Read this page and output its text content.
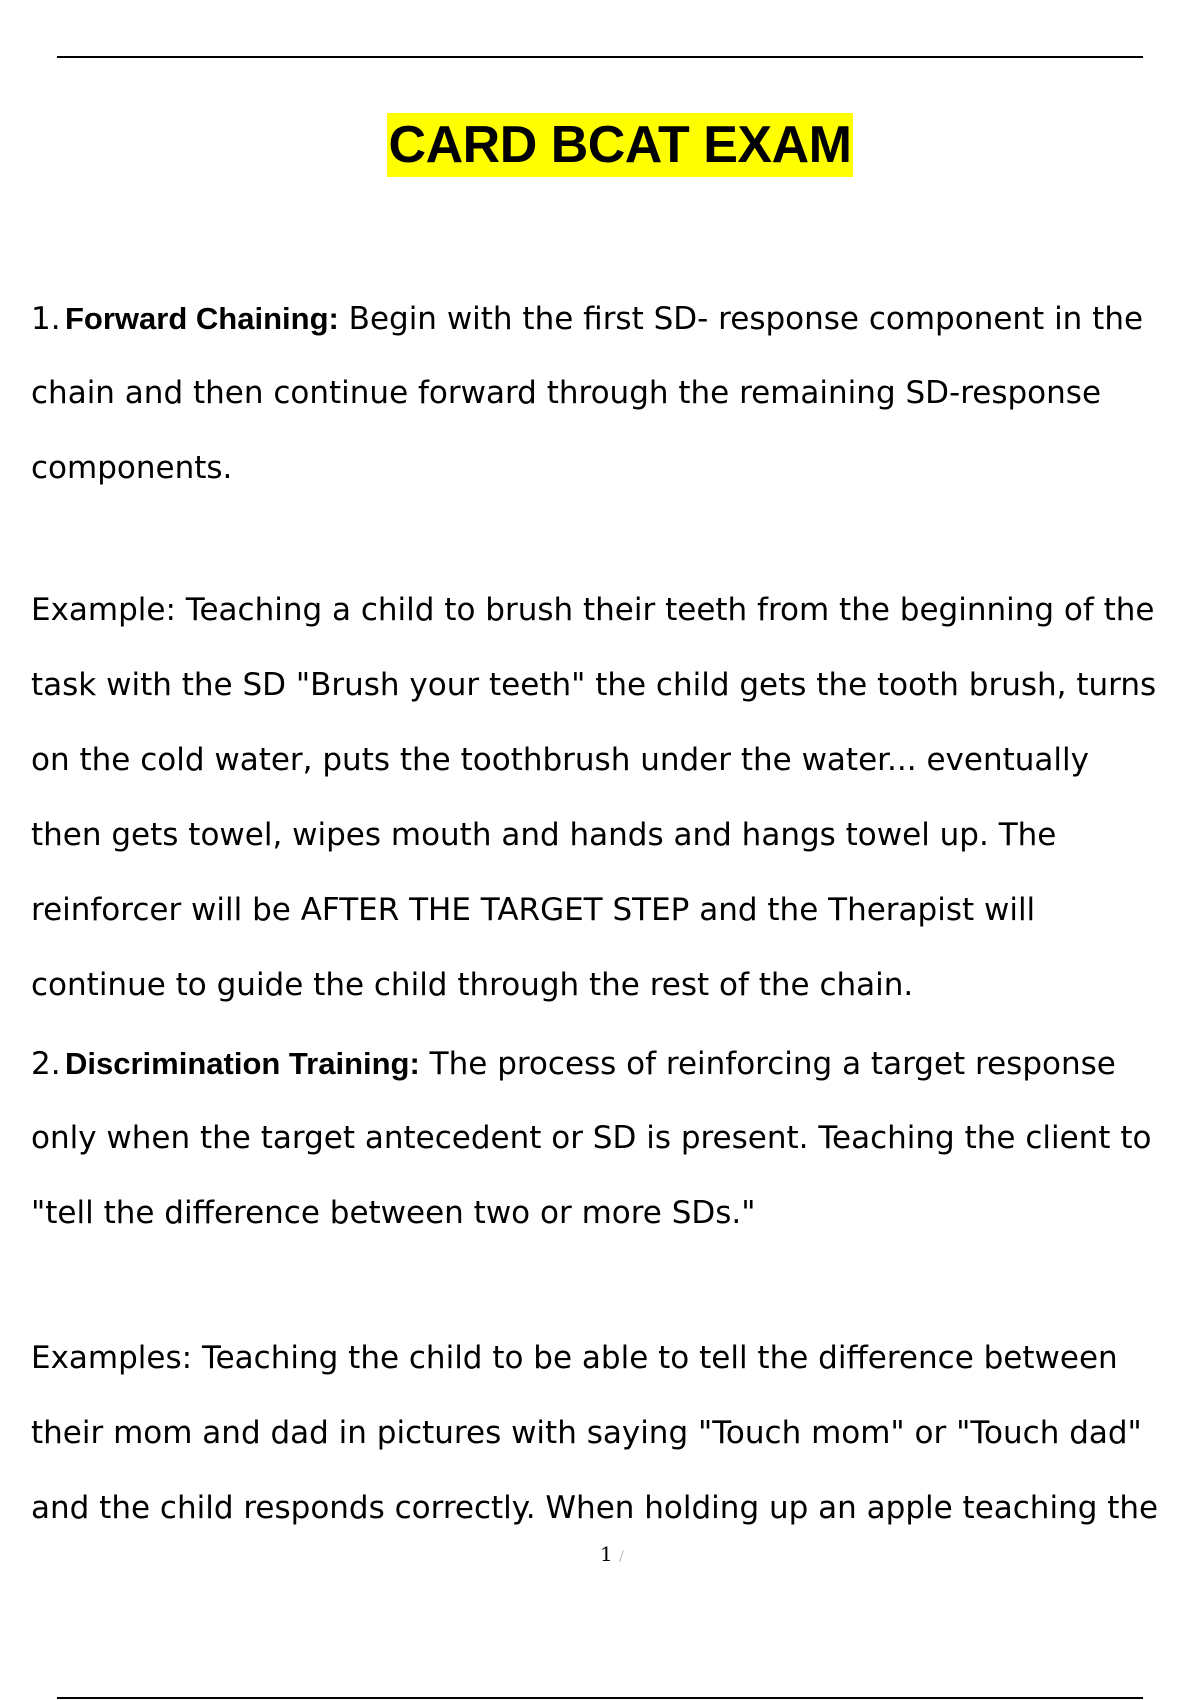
CARD BCAT EXAM
1. Forward Chaining: Begin with the first SD- response component in the
chain and then continue forward through the remaining SD-response
components.
Example: Teaching a child to brush their teeth from the beginning of the
task with the SD "Brush your teeth" the child gets the tooth brush, turns
on the cold water, puts the toothbrush under the water... eventually
then gets towel, wipes mouth and hands and hangs towel up. The
reinforcer will be AFTER THE TARGET STEP and the Therapist will
continue to guide the child through the rest of the chain.
2. Discrimination Training: The process of reinforcing a target response
only when the target antecedent or SD is present. Teaching the client to
"tell the difference between two or more SDs."
Examples: Teaching the child to be able to tell the difference between
their mom and dad in pictures with saying "Touch mom" or "Touch dad"
and the child responds correctly. When holding up an apple teaching the
1 /
